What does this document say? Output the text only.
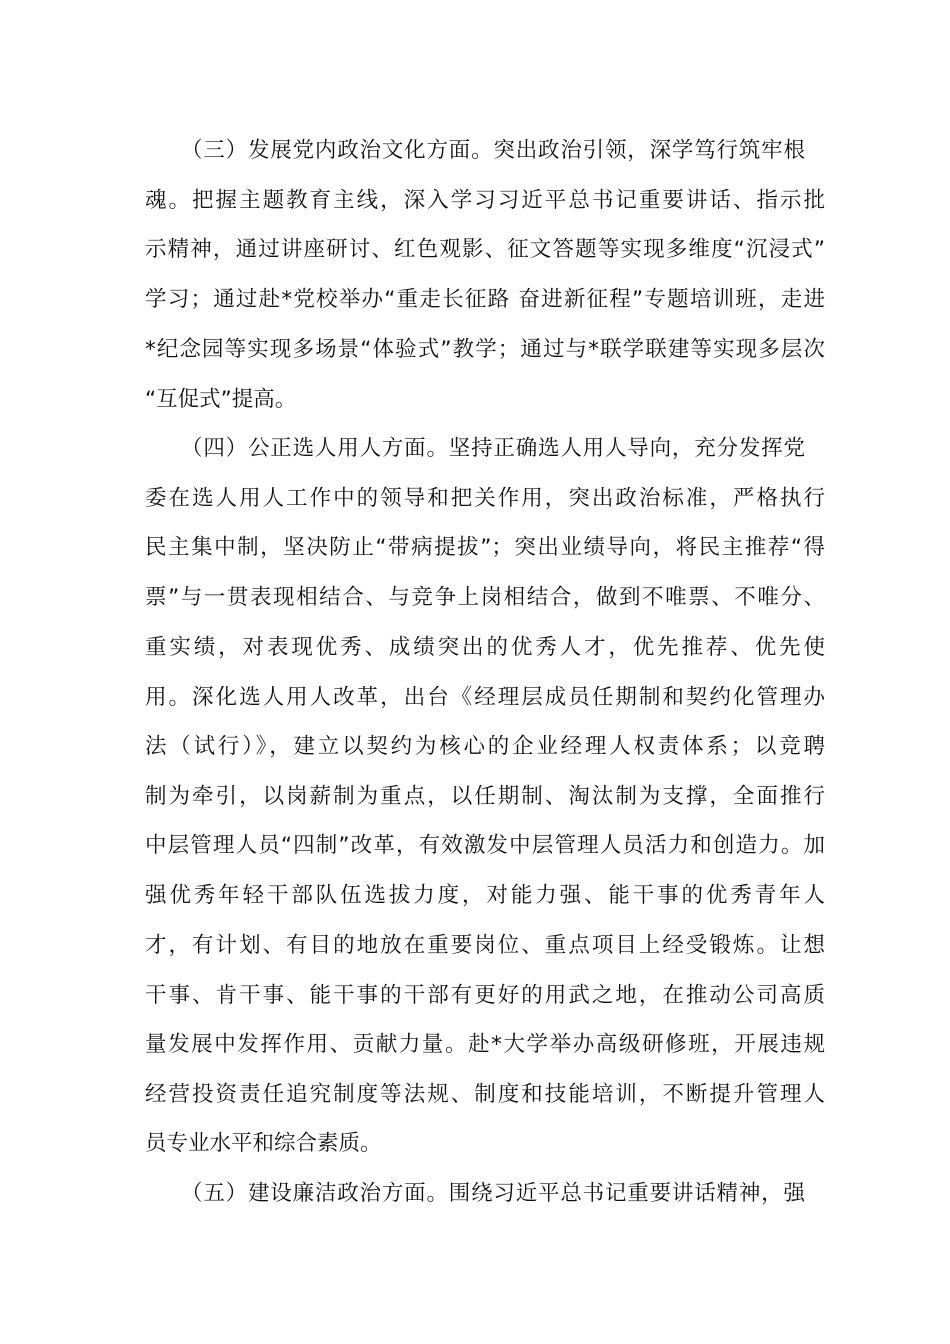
（三）发展党内政治文化方面。突出政治引领，深学笃行筑牢根
魂。把握主题教育主线，深入学习习近平总书记重要讲话、指示批
示精神，通过讲座研讨、红色观影、征文答题等实现多维度“沉浸式”
学习；通过赴*党校举办“重走长征路 奋进新征程”专题培训班，走进
*纪念园等实现多场景“体验式”教学；通过与*联学联建等实现多层次
“互促式”提高。
（四）公正选人用人方面。坚持正确选人用人导向，充分发挥党
委在选人用人工作中的领导和把关作用，突出政治标准，严格执行
民主集中制，坚决防止“带病提拔”；突出业绩导向，将民主推荐“得
票”与一贯表现相结合、与竞争上岗相结合，做到不唯票、不唯分、
重实绩，对表现优秀、成绩突出的优秀人才，优先推荐、优先使
用。深化选人用人改革，出台《经理层成员任期制和契约化管理办
法（试行）》，建立以契约为核心的企业经理人权责体系；以竞聘
制为牵引，以岗薪制为重点，以任期制、淘汰制为支撑，全面推行
中层管理人员“四制”改革，有效激发中层管理人员活力和创造力。加
强优秀年轻干部队伍选拔力度，对能力强、能干事的优秀青年人
才，有计划、有目的地放在重要岗位、重点项目上经受锻炼。让想
干事、肯干事、能干事的干部有更好的用武之地，在推动公司高质
量发展中发挥作用、贡献力量。赴*大学举办高级研修班，开展违规
经营投资责任追究制度等法规、制度和技能培训，不断提升管理人
员专业水平和综合素质。
（五）建设廉洁政治方面。围绕习近平总书记重要讲话精神，强
